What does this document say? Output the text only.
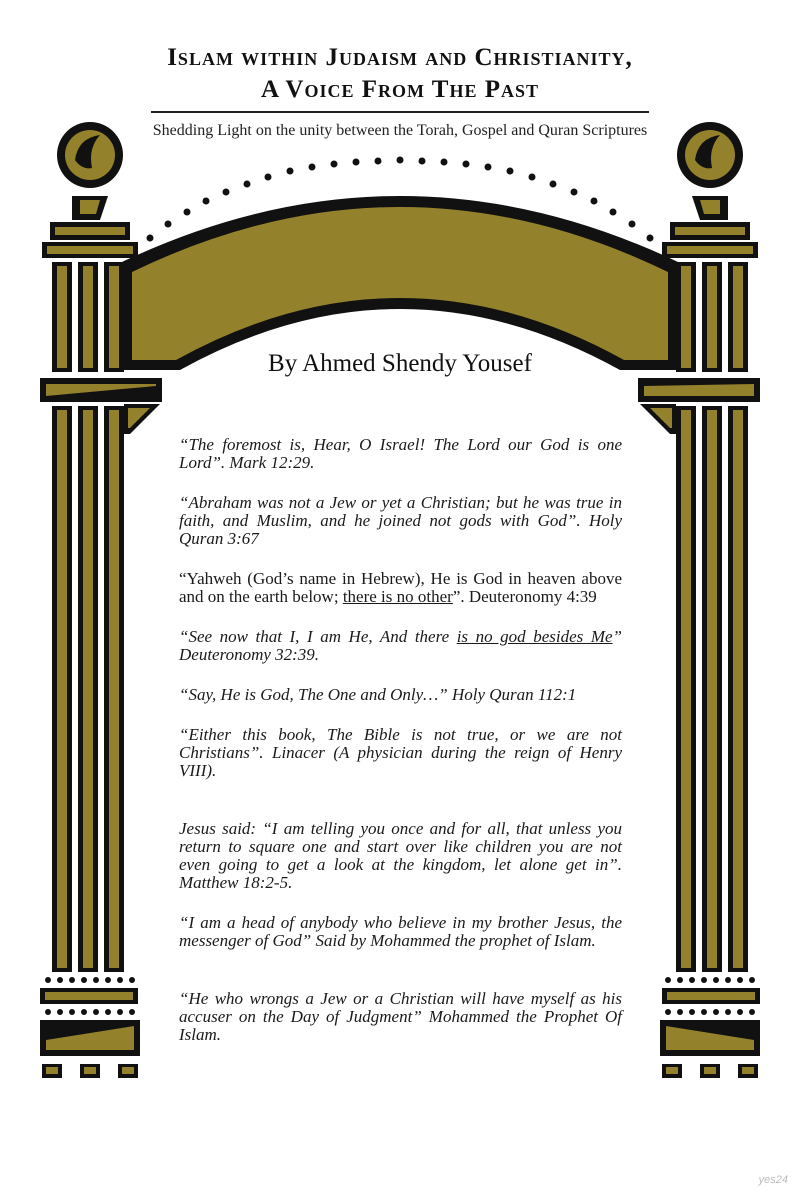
Islam within Judaism and Christianity,
A Voice From The Past
Shedding Light on the unity between the Torah, Gospel and Quran Scriptures
By Ahmed Shendy Yousef

“The foremost is, Hear, O Israel! The Lord our God is one Lord”. Mark 12:29.

“Abraham was not a Jew or yet a Christian; but he was true in faith, and Muslim, and he joined not gods with God”. Holy Quran 3:67

“Yahweh (God’s name in Hebrew), He is God in heaven above and on the earth below; there is no other”. Deuteronomy 4:39

“See now that I, I am He, And there is no god besides Me” Deuteronomy 32:39.

“Say, He is God, The One and Only…” Holy Quran 112:1

“Either this book, The Bible is not true, or we are not Christians”. Linacer (A physician during the reign of Henry VIII).

Jesus said: “I am telling you once and for all, that unless you return to square one and start over like children you are not even going to get a look at the kingdom, let alone get in”. Matthew 18:2-5.

“I am a head of anybody who believe in my brother Jesus, the messenger of God” Said by Mohammed the prophet of Islam.

“He who wrongs a Jew or a Christian will have myself as his accuser on the Day of Judgment” Mohammed the Prophet Of Islam.

yes24
